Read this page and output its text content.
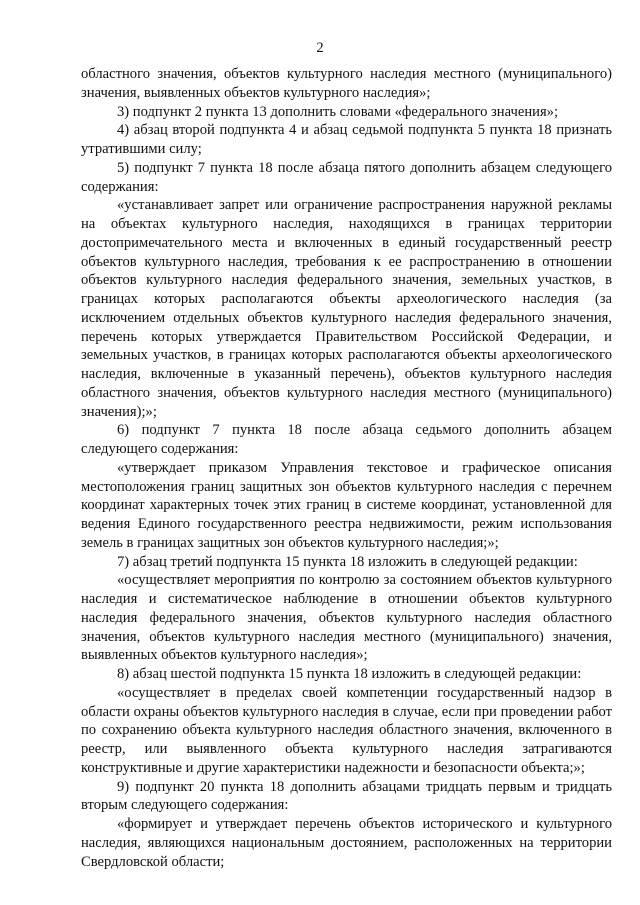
2

областного значения, объектов культурного наследия местного (муниципального) значения, выявленных объектов культурного наследия»;

3) подпункт 2 пункта 13 дополнить словами «федерального значения»;

4) абзац второй подпункта 4 и абзац седьмой подпункта 5 пункта 18 признать утратившими силу;

5) подпункт 7 пункта 18 после абзаца пятого дополнить абзацем следующего содержания:

«устанавливает запрет или ограничение распространения наружной рекламы на объектах культурного наследия, находящихся в границах территории достопримечательного места и включенных в единый государственный реестр объектов культурного наследия, требования к ее распространению в отношении объектов культурного наследия федерального значения, земельных участков, в границах которых располагаются объекты археологического наследия (за исключением отдельных объектов культурного наследия федерального значения, перечень которых утверждается Правительством Российской Федерации, и земельных участков, в границах которых располагаются объекты археологического наследия, включенные в указанный перечень), объектов культурного наследия областного значения, объектов культурного наследия местного (муниципального) значения);»;

6) подпункт 7 пункта 18 после абзаца седьмого дополнить абзацем следующего содержания:

«утверждает приказом Управления текстовое и графическое описания местоположения границ защитных зон объектов культурного наследия с перечнем координат характерных точек этих границ в системе координат, установленной для ведения Единого государственного реестра недвижимости, режим использования земель в границах защитных зон объектов культурного наследия;»;

7) абзац третий подпункта 15 пункта 18 изложить в следующей редакции:

«осуществляет мероприятия по контролю за состоянием объектов культурного наследия и систематическое наблюдение в отношении объектов культурного наследия федерального значения, объектов культурного наследия областного значения, объектов культурного наследия местного (муниципального) значения, выявленных объектов культурного наследия»;

8) абзац шестой подпункта 15 пункта 18 изложить в следующей редакции:

«осуществляет в пределах своей компетенции государственный надзор в области охраны объектов культурного наследия в случае, если при проведении работ по сохранению объекта культурного наследия областного значения, включенного в реестр, или выявленного объекта культурного наследия затрагиваются конструктивные и другие характеристики надежности и безопасности объекта;»;

9) подпункт 20 пункта 18 дополнить абзацами тридцать первым и тридцать вторым следующего содержания:

«формирует и утверждает перечень объектов исторического и культурного наследия, являющихся национальным достоянием, расположенных на территории Свердловской области;
